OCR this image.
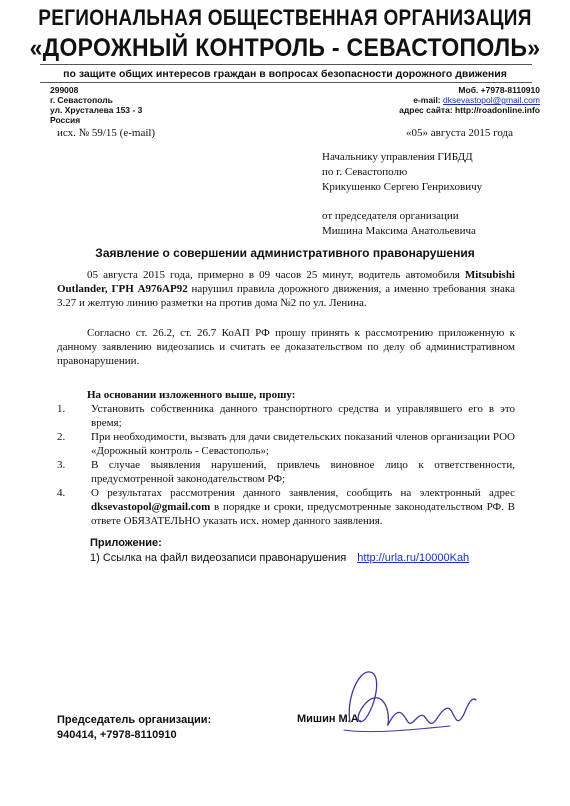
РЕГИОНАЛЬНАЯ ОБЩЕСТВЕННАЯ ОРГАНИЗАЦИЯ
«ДОРОЖНЫЙ КОНТРОЛЬ - СЕВАСТОПОЛЬ»
по защите общих интересов граждан в вопросах безопасности дорожного движения
299008
г. Севастополь
ул. Хрусталева 153 - 3
Россия
Моб. +7978-8110910
e-mail: dksevastopol@gmail.com
адрес сайта: http://roadonline.info
исх. № 59/15 (e-mail)	«05» августа 2015 года
Начальнику управления ГИБДД
по г. Севастополю
Крикушенко Сергею Генриховичу
от председателя организации
Мишина Максима Анатольевича
Заявление о совершении административного правонарушения
05 августа 2015 года, примерно в 09 часов 25 минут, водитель автомобиля Mitsubishi Outlander, ГРН А976АР92 нарушил правила дорожного движения, а именно требования знака 3.27 и желтую линию разметки на против дома №2 по ул. Ленина.
Согласно ст. 26.2, ст. 26.7 КоАП РФ прошу принять к рассмотрению приложенную к данному заявлению видеозапись и считать ее доказательством по делу об административном правонарушении.
На основании изложенного выше, прошу:
1.	Установить собственника данного транспортного средства и управлявшего его в это время;
2.	При необходимости, вызвать для дачи свидетельских показаний членов организации РОО «Дорожный контроль - Севастополь»;
3.	В случае выявления нарушений, привлечь виновное лицо к ответственности, предусмотренной законодательством РФ;
4.	О результатах рассмотрения данного заявления, сообщить на электронный адрес dksevastopol@gmail.com в порядке и сроки, предусмотренные законодательством РФ. В ответе ОБЯЗАТЕЛЬНО указать исх. номер данного заявления.
Приложение:
1) Ссылка на файл видеозаписи правонарушения http://urla.ru/10000Kah
Председатель организации:
940414, +7978-8110910
Мишин М.А.
